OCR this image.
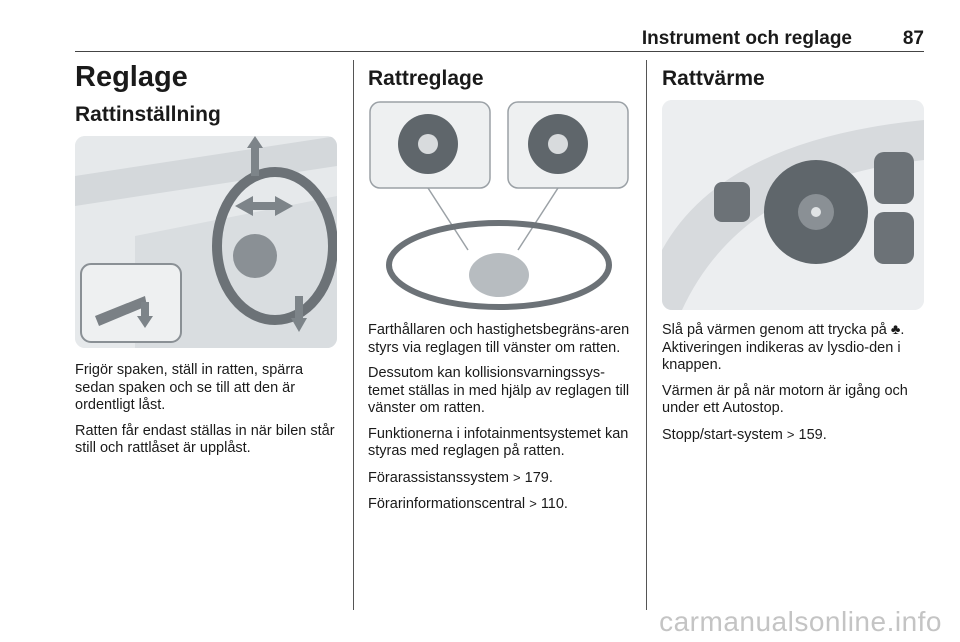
Instrument och reglage	87
Reglage
Rattinställning

Frigör spaken, ställ in ratten, spärra sedan spaken och se till att den är ordentligt låst.

Ratten får endast ställas in när bilen står still och rattlåset är upplåst.

Rattreglage

Farthållaren och hastighetsbegräns-aren styrs via reglagen till vänster om ratten.

Dessutom kan kollisionsvarningssys-temet ställas in med hjälp av reglagen till vänster om ratten.

Funktionerna i infotainmentsystemet kan styras med reglagen på ratten.

Förarassistanssystem > 179.

Förarinformationscentral > 110.

Rattvärme

Slå på värmen genom att trycka på ♣. Aktiveringen indikeras av lysdio-den i knappen.

Värmen är på när motorn är igång och under ett Autostop.

Stopp/start-system > 159.

carmanualsonline.info
